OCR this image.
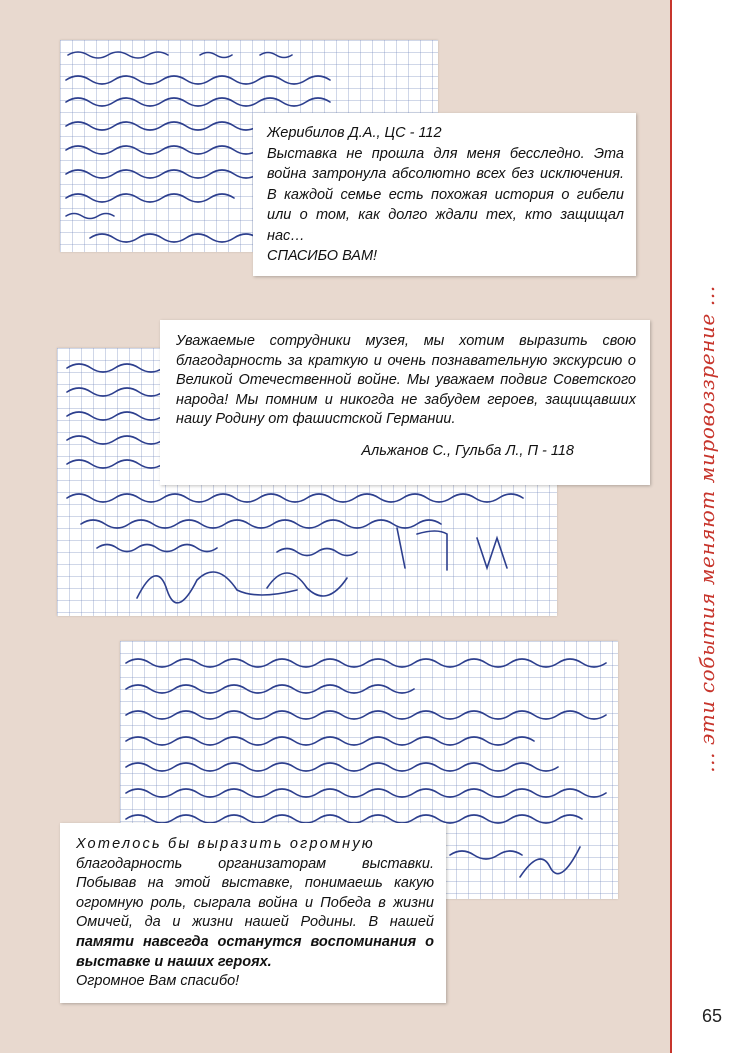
... эти события меняют мировоззрение ...

Жерибилов Д.А., ЦС - 112

Выставка не прошла для меня бесследно. Эта война затронула абсолютно всех без исключения. В каждой семье есть похожая история о гибели или о том, как долго ждали тех, кто защищал нас…

СПАСИБО ВАМ!

Уважаемые сотрудники музея, мы хотим выразить свою благодарность за краткую и очень познавательную экскурсию о Великой Отечественной войне. Мы уважаем подвиг Советского народа! Мы помним и никогда не забудем героев, защищавших нашу Родину от фашистской Германии.

Альжанов С., Гульба Л., П - 118

Хотелось бы выразить огромную

благодарность организаторам выставки. Побывав на этой выставке, понимаешь какую огромную роль, сыграла война и Победа в жизни Омичей, да и жизни нашей Родины. В нашей памяти навсегда останутся воспоминания о выставке и наших героях.

Огромное Вам спасибо!

65
